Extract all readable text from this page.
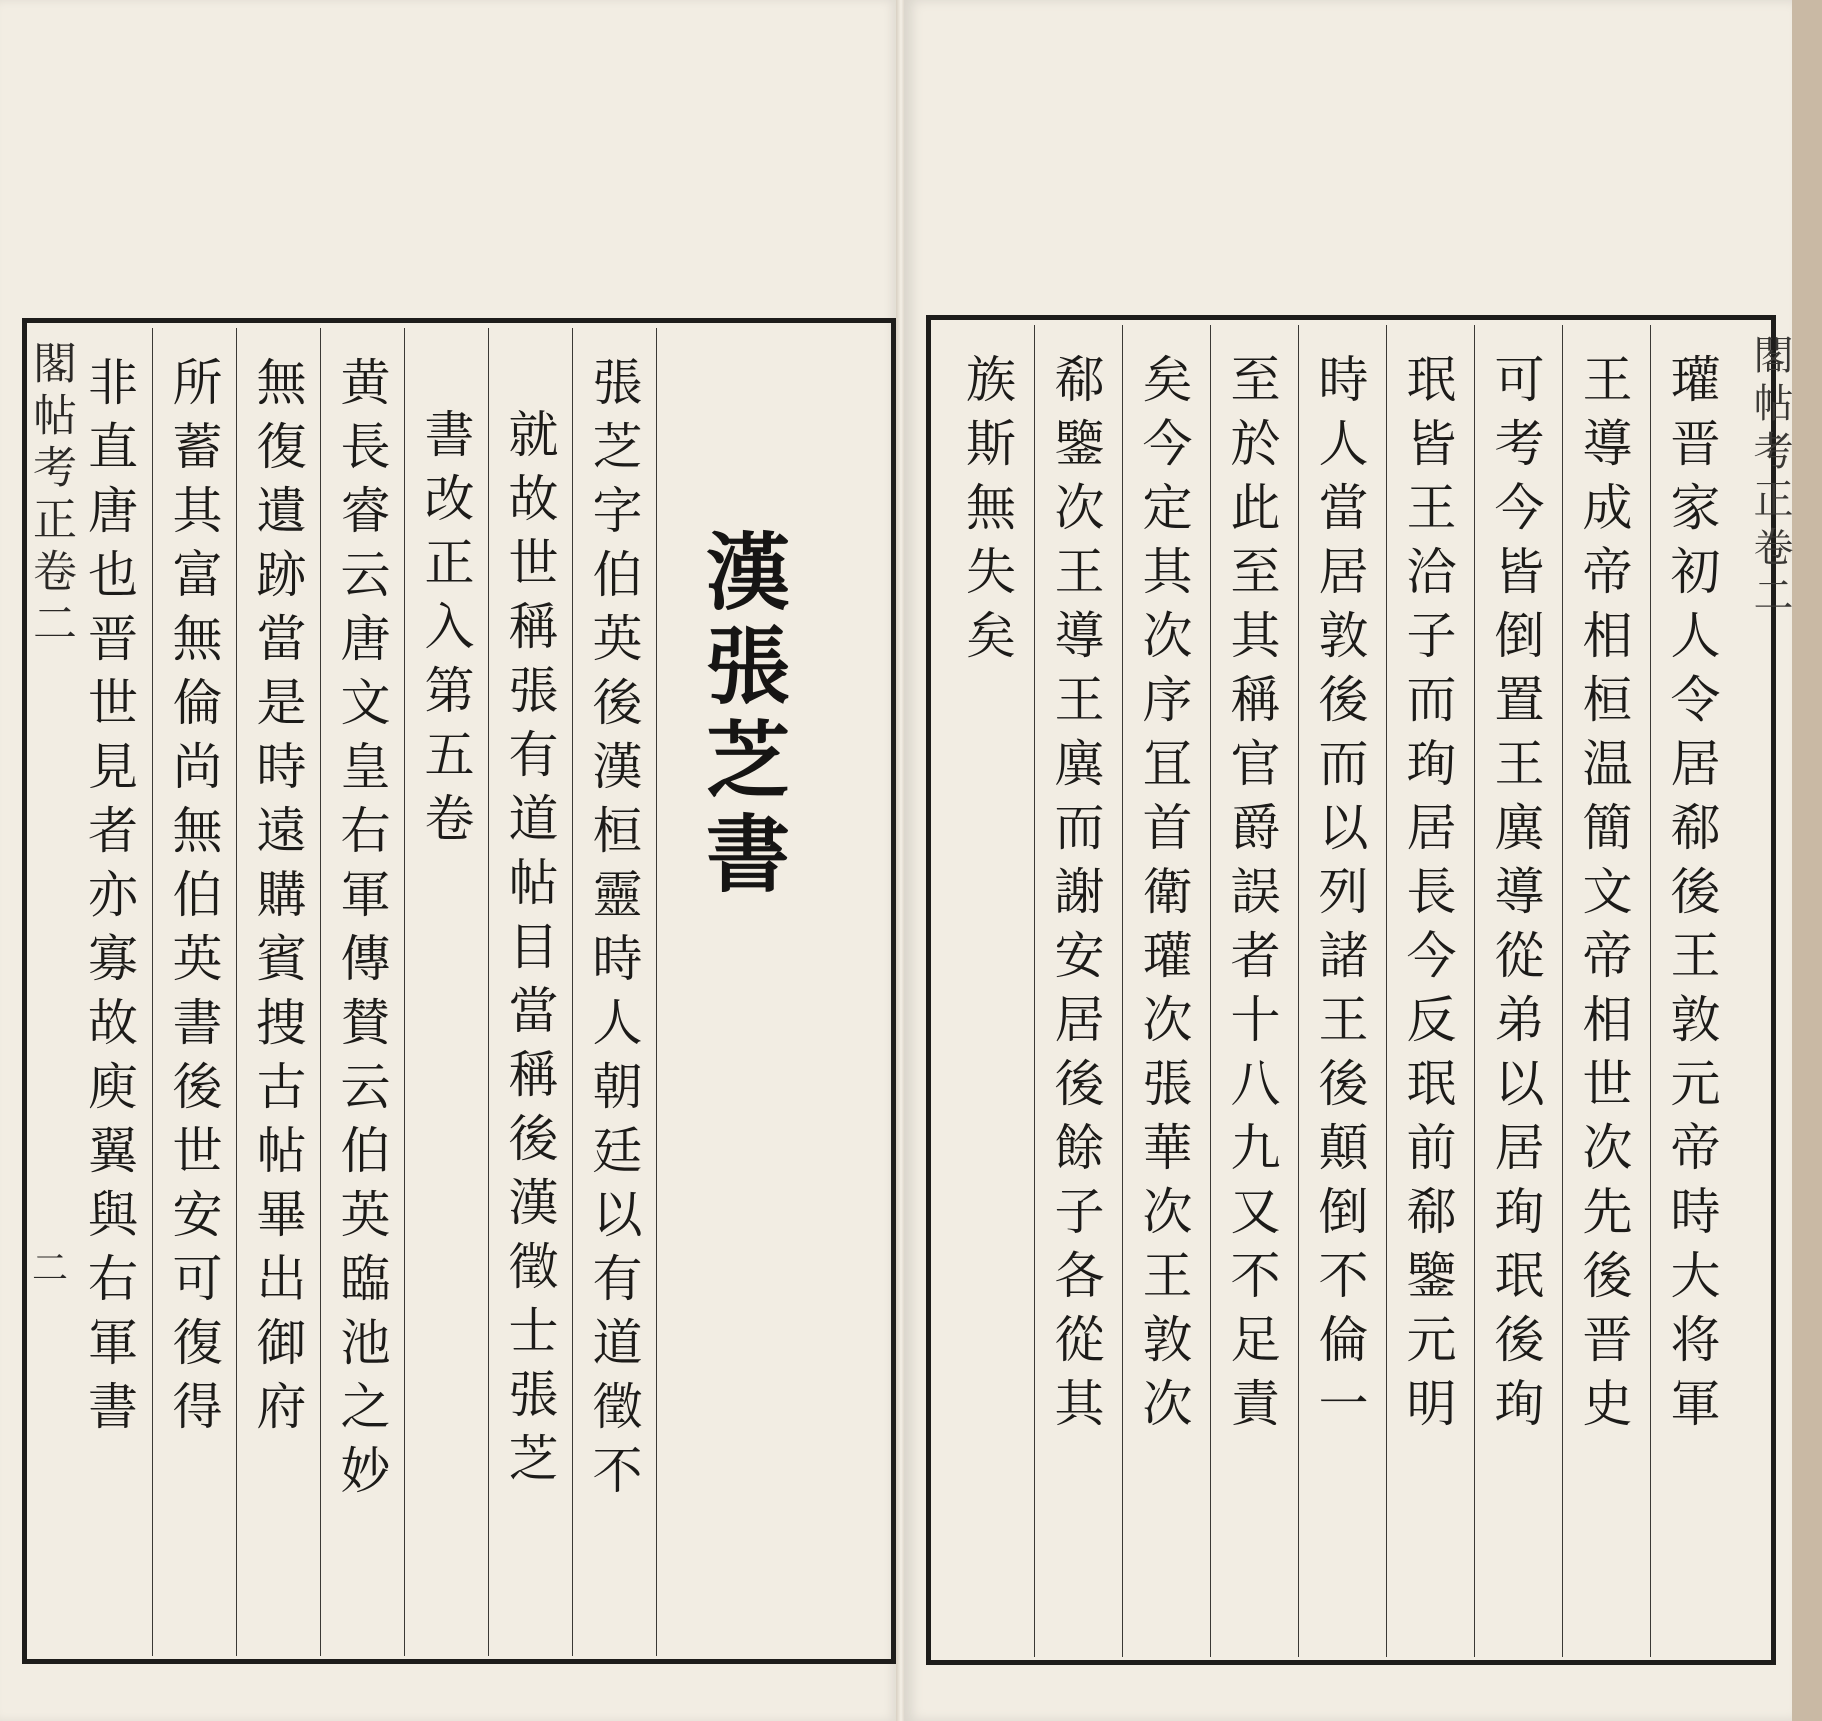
閣帖考正卷二
二 非直唐也晋世見者亦寡故庾翼與右軍書 所蓄其富無倫尚無伯英書後世安可復得 無復遺跡當是時遠購賓捜古帖畢出御府 黄長睿云唐文皇右軍傳賛云伯英臨池之妙 書改正入第五卷 就故世稱張有道帖目當稱後漢徵士張芝 張芝字伯英後漢桓靈時人朝廷以有道徵不 漢張芝書
閣帖考正卷二
族斯無失矣 郗鑒次王導王廙而謝安居後餘子各從其 矣今定其次序冝首衛瓘次張華次王敦次 至於此至其稱官爵誤者十八九又不足責 時人當居敦後而以列諸王後顛倒不倫一 珉皆王洽子而珣居長今反珉前郗鑒元明 可考今皆倒置王廙導從弟以居珣珉後珣 王導成帝相桓温簡文帝相世次先後晋史 瓘晋家初人令居郗後王敦元帝時大将軍
